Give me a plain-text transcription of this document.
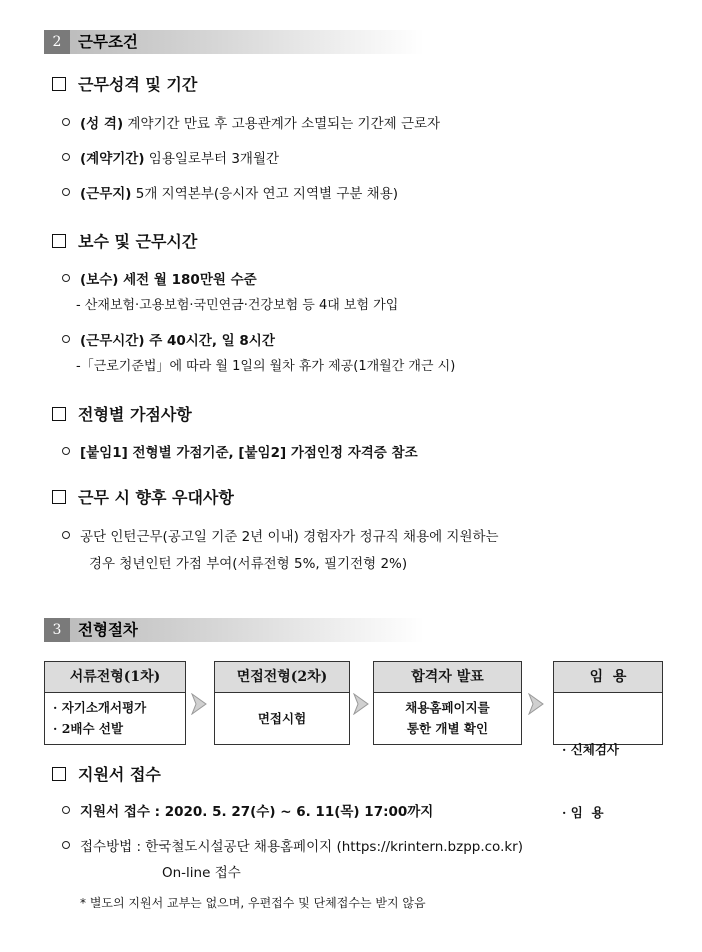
2	근무조건
근무성격 및 기간
(성 격) 계약기간 만료 후 고용관계가 소멸되는 기간제 근로자
(계약기간) 임용일로부터 3개월간
(근무지) 5개 지역본부(응시자 연고 지역별 구분 채용)
보수 및 근무시간
(보수) 세전 월 180만원 수준
- 산재보험·고용보험·국민연금·건강보험 등 4대 보험 가입
(근무시간) 주 40시간, 일 8시간
-「근로기준법」에 따라 월 1일의 월차 휴가 제공(1개월간 개근 시)
전형별 가점사항
[붙임1] 전형별 가점기준, [붙임2] 가점인정 자격증 참조
근무 시 향후 우대사항
공단 인턴근무(공고일 기준 2년 이내) 경험자가 정규직 채용에 지원하는
경우 청년인턴 가점 부여(서류전형 5%, 필기전형 2%)
3	전형절차
서류전형(1차)
· 자기소개서평가
· 2배수 선발
면접전형(2차)
면접시험
합격자 발표
채용홈페이지를
통한 개별 확인
임  용

· 신체검사

· 임  용

지원서 접수
지원서 접수 : 2020. 5. 27(수) ~ 6. 11(목) 17:00까지
접수방법 : 한국철도시설공단 채용홈페이지 (https://krintern.bzpp.co.kr)
On-line 접수
* 별도의 지원서 교부는 없으며, 우편접수 및 단체접수는 받지 않음
